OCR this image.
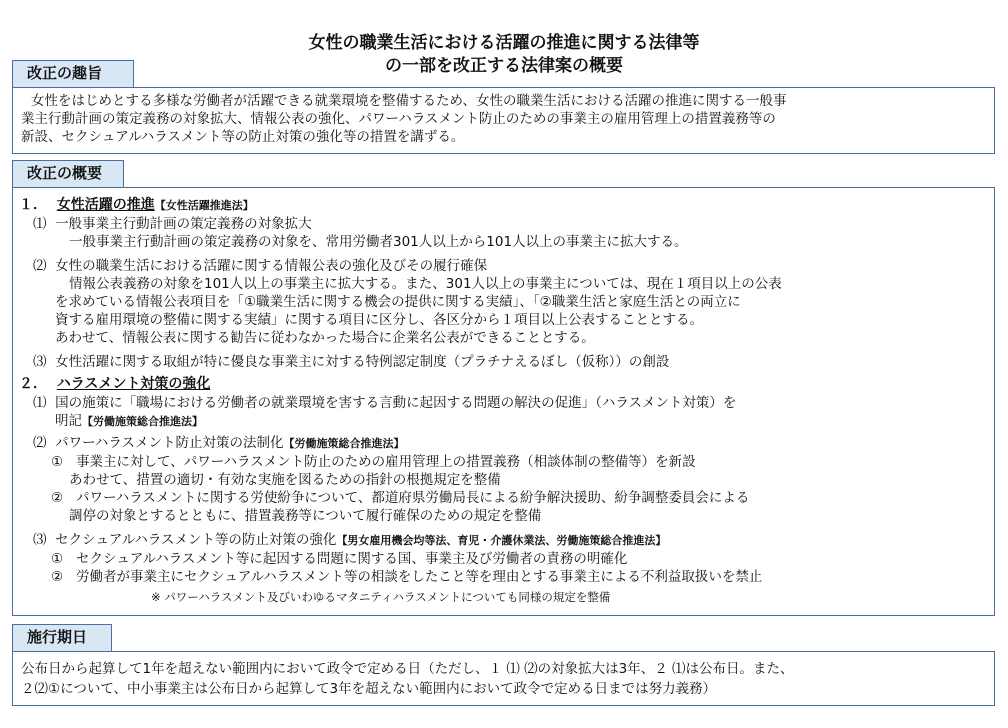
女性の職業生活における活躍の推進に関する法律等
の一部を改正する法律案の概要
改正の趣旨
女性をはじめとする多様な労働者が活躍できる就業環境を整備するため、女性の職業生活における活躍の推進に関する一般事
業主行動計画の策定義務の対象拡大、情報公表の強化、パワーハラスメント防止のための事業主の雇用管理上の措置義務等の
新設、セクシュアルハラスメント等の防止対策の強化等の措置を講ずる。
改正の概要
１． 女性活躍の推進【女性活躍推進法】
⑴ 一般事業主行動計画の策定義務の対象拡大
一般事業主行動計画の策定義務の対象を、常用労働者301人以上から101人以上の事業主に拡大する。
⑵ 女性の職業生活における活躍に関する情報公表の強化及びその履行確保
情報公表義務の対象を101人以上の事業主に拡大する。また、301人以上の事業主については、現在１項目以上の公表
を求めている情報公表項目を「①職業生活に関する機会の提供に関する実績」、「②職業生活と家庭生活との両立に
資する雇用環境の整備に関する実績」に関する項目に区分し、各区分から１項目以上公表することとする。
あわせて、情報公表に関する勧告に従わなかった場合に企業名公表ができることとする。
⑶ 女性活躍に関する取組が特に優良な事業主に対する特例認定制度（プラチナえるぼし（仮称））の創設
２． ハラスメント対策の強化
⑴ 国の施策に「職場における労働者の就業環境を害する言動に起因する問題の解決の促進」（ハラスメント対策）を
明記【労働施策総合推進法】
⑵ パワーハラスメント防止対策の法制化【労働施策総合推進法】
① 事業主に対して、パワーハラスメント防止のための雇用管理上の措置義務（相談体制の整備等）を新設
あわせて、措置の適切・有効な実施を図るための指針の根拠規定を整備
② パワーハラスメントに関する労使紛争について、都道府県労働局長による紛争解決援助、紛争調整委員会による
調停の対象とするとともに、措置義務等について履行確保のための規定を整備
⑶ セクシュアルハラスメント等の防止対策の強化【男女雇用機会均等法、育児・介護休業法、労働施策総合推進法】
① セクシュアルハラスメント等に起因する問題に関する国、事業主及び労働者の責務の明確化
② 労働者が事業主にセクシュアルハラスメント等の相談をしたこと等を理由とする事業主による不利益取扱いを禁止
※ パワーハラスメント及びいわゆるマタニティハラスメントについても同様の規定を整備
施行期日
公布日から起算して1年を超えない範囲内において政令で定める日（ただし、１ ⑴ ⑵の対象拡大は3年、２ ⑴は公布日。また、
２⑵①について、中小事業主は公布日から起算して3年を超えない範囲内において政令で定める日までは努力義務）
